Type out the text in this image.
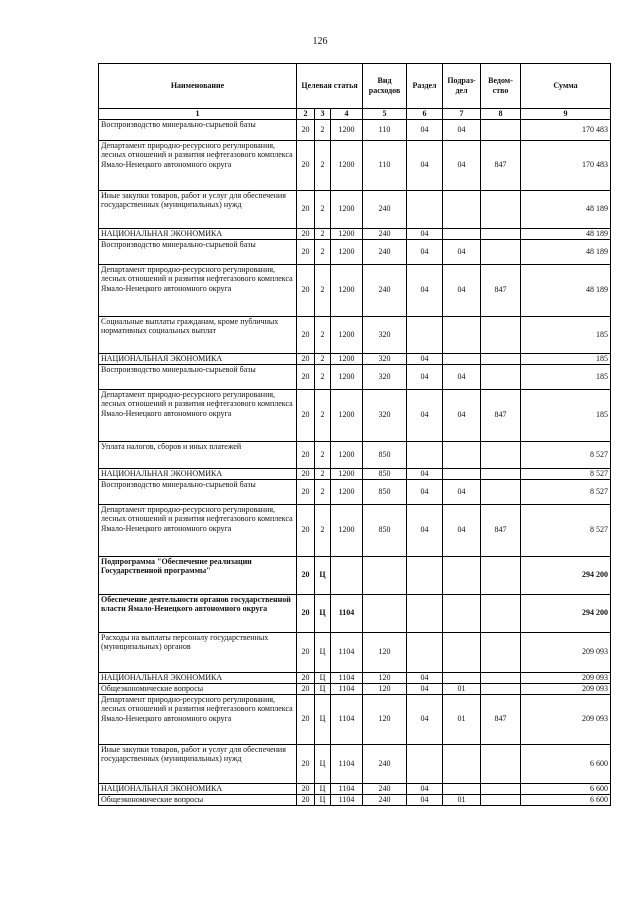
126
Наименование	Целевая статья			Вид расходов	Раздел	Подраз-дел	Ведом-ство	Сумма
1	2	3	4	5	6	7	8	9
Воспроизводство минерально-сырьевой базы	20	2	1200	110	04	04		170 483
Департамент природно-ресурсного регулирования, лесных отношений и развития нефтегазового комплекса Ямало-Ненецкого автономного округа	20	2	1200	110	04	04	847	170 483
Иные закупки товаров, работ и услуг для обеспечения государственных (муниципальных) нужд	20	2	1200	240				48 189
НАЦИОНАЛЬНАЯ ЭКОНОМИКА	20	2	1200	240	04			48 189
Воспроизводство минерально-сырьевой базы	20	2	1200	240	04	04		48 189
Департамент природно-ресурсного регулирования, лесных отношений и развития нефтегазового комплекса Ямало-Ненецкого автономного округа	20	2	1200	240	04	04	847	48 189
Социальные выплаты гражданам, кроме публичных нормативных социальных выплат	20	2	1200	320				185
НАЦИОНАЛЬНАЯ ЭКОНОМИКА	20	2	1200	320	04			185
Воспроизводство минерально-сырьевой базы	20	2	1200	320	04	04		185
Департамент природно-ресурсного регулирования, лесных отношений и развития нефтегазового комплекса Ямало-Ненецкого автономного округа	20	2	1200	320	04	04	847	185
Уплата налогов, сборов и иных платежей	20	2	1200	850				8 527
НАЦИОНАЛЬНАЯ ЭКОНОМИКА	20	2	1200	850	04			8 527
Воспроизводство минерально-сырьевой базы	20	2	1200	850	04	04		8 527
Департамент природно-ресурсного регулирования, лесных отношений и развития нефтегазового комплекса Ямало-Ненецкого автономного округа	20	2	1200	850	04	04	847	8 527
Подпрограмма "Обеспечение реализации Государственной программы"	20	Ц						294 200
Обеспечение деятельности органов государственной власти Ямало-Ненецкого автономного округа	20	Ц	1104					294 200
Расходы на выплаты персоналу государственных (муниципальных) органов	20	Ц	1104	120				209 093
НАЦИОНАЛЬНАЯ ЭКОНОМИКА	20	Ц	1104	120	04			209 093
Общеэкономические вопросы	20	Ц	1104	120	04	01		209 093
Департамент природно-ресурсного регулирования, лесных отношений и развития нефтегазового комплекса Ямало-Ненецкого автономного округа	20	Ц	1104	120	04	01	847	209 093
Иные закупки товаров, работ и услуг для обеспечения государственных (муниципальных) нужд	20	Ц	1104	240				6 600
НАЦИОНАЛЬНАЯ ЭКОНОМИКА	20	Ц	1104	240	04			6 600
Общеэкономические вопросы	20	Ц	1104	240	04	01		6 600
